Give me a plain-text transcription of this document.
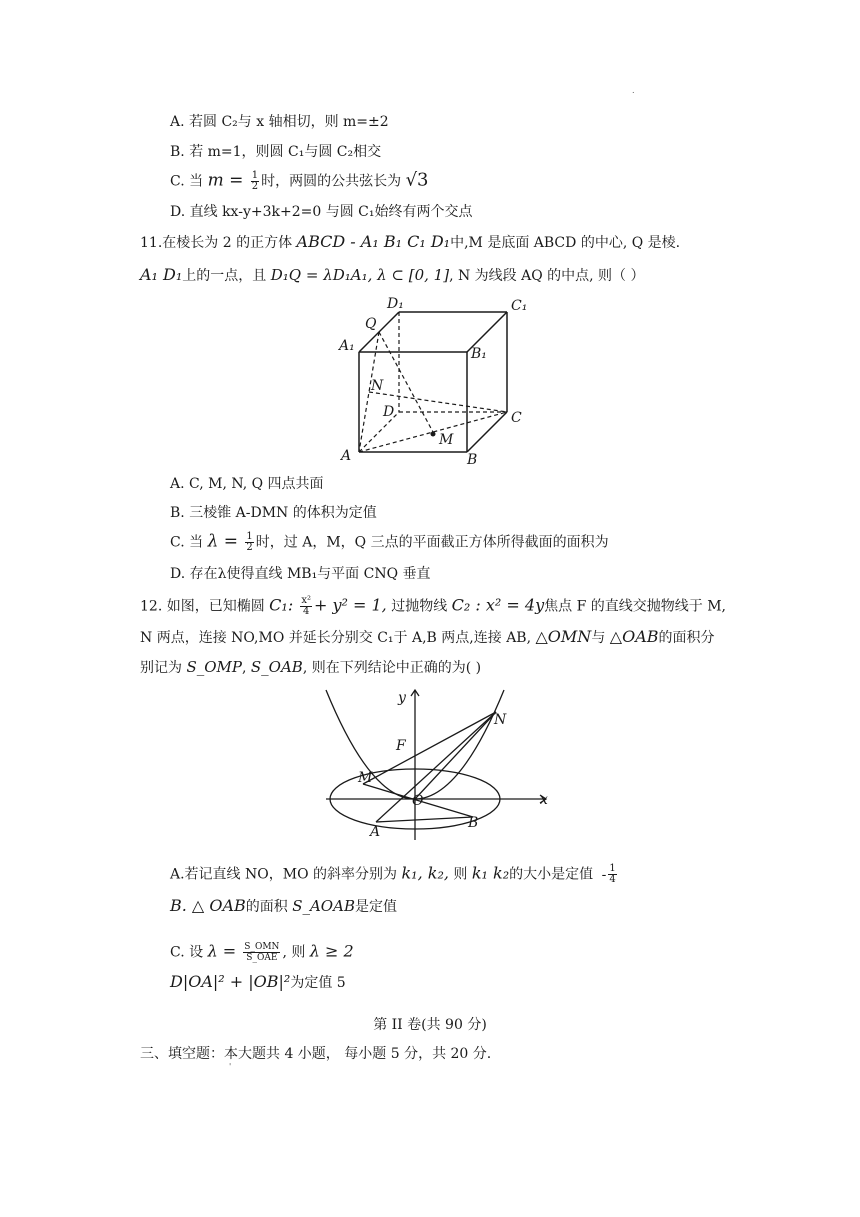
.
A. 若圆 C₂与 x 轴相切，则 m=±2
B. 若 m=1，则圆 C₁与圆 C₂相交
C. 当 $m = \frac{1}{2}$ 时，两圆的公共弦长为 √3
D. 直线 kx-y+3k+2=0 与圆 C₁始终有两个交点
11.在棱长为 2 的正方体 ABCD - A₁ B₁ C₁ D₁中,M 是底面 ABCD 的中心, Q 是棱.
A₁ D₁上的一点，且 D₁Q = λD₁A₁, λ ⊂ [0, 1], N 为线段 AQ 的中点, 则（ ）
D₁	C₁
Q
A₁	B₁
N
D	C
M
A	B
A. C, M, N, Q 四点共面
B. 三棱锥 A-DMN 的体积为定值
C. 当 $\lambda = \frac{1}{2}$ 时，过 A，M，Q 三点的平面截正方体所得截面的面积为
D. 存在λ使得直线 MB₁与平面 CNQ 垂直
12. 如图，已知椭圆 C₁: $\frac{\text{x²}}{4} + y^2 = 1$, 过抛物线 C₂ : x² = 4y焦点 F 的直线交抛物线于 M,
N 两点，连接 NO,MO 并延长分别交 C₁于 A,B 两点,连接 AB, △OMN与 △OAB的面积分
别记为 S_OMP, S_OAB, 则在下列结论中正确的为( )
y
N
F
M
O	x
A
B
A.若记直线 NO，MO 的斜率分别为 k₁, k₂, 则 k₁ k₂的大小是定值 - $\frac{1}{4}$
B. △ OAB的面积 S_AOAB是定值
C. 设 $\lambda = \frac{\text{S\_OMN}}{\text{S\_OAE}}$ , 则 λ ≥ 2
D|OA|² + |OB|²为定值 5
第 II 卷(共 90 分)
三、填空题：本大题共 4 小题， 每小题 5 分，共 20 分.
'
